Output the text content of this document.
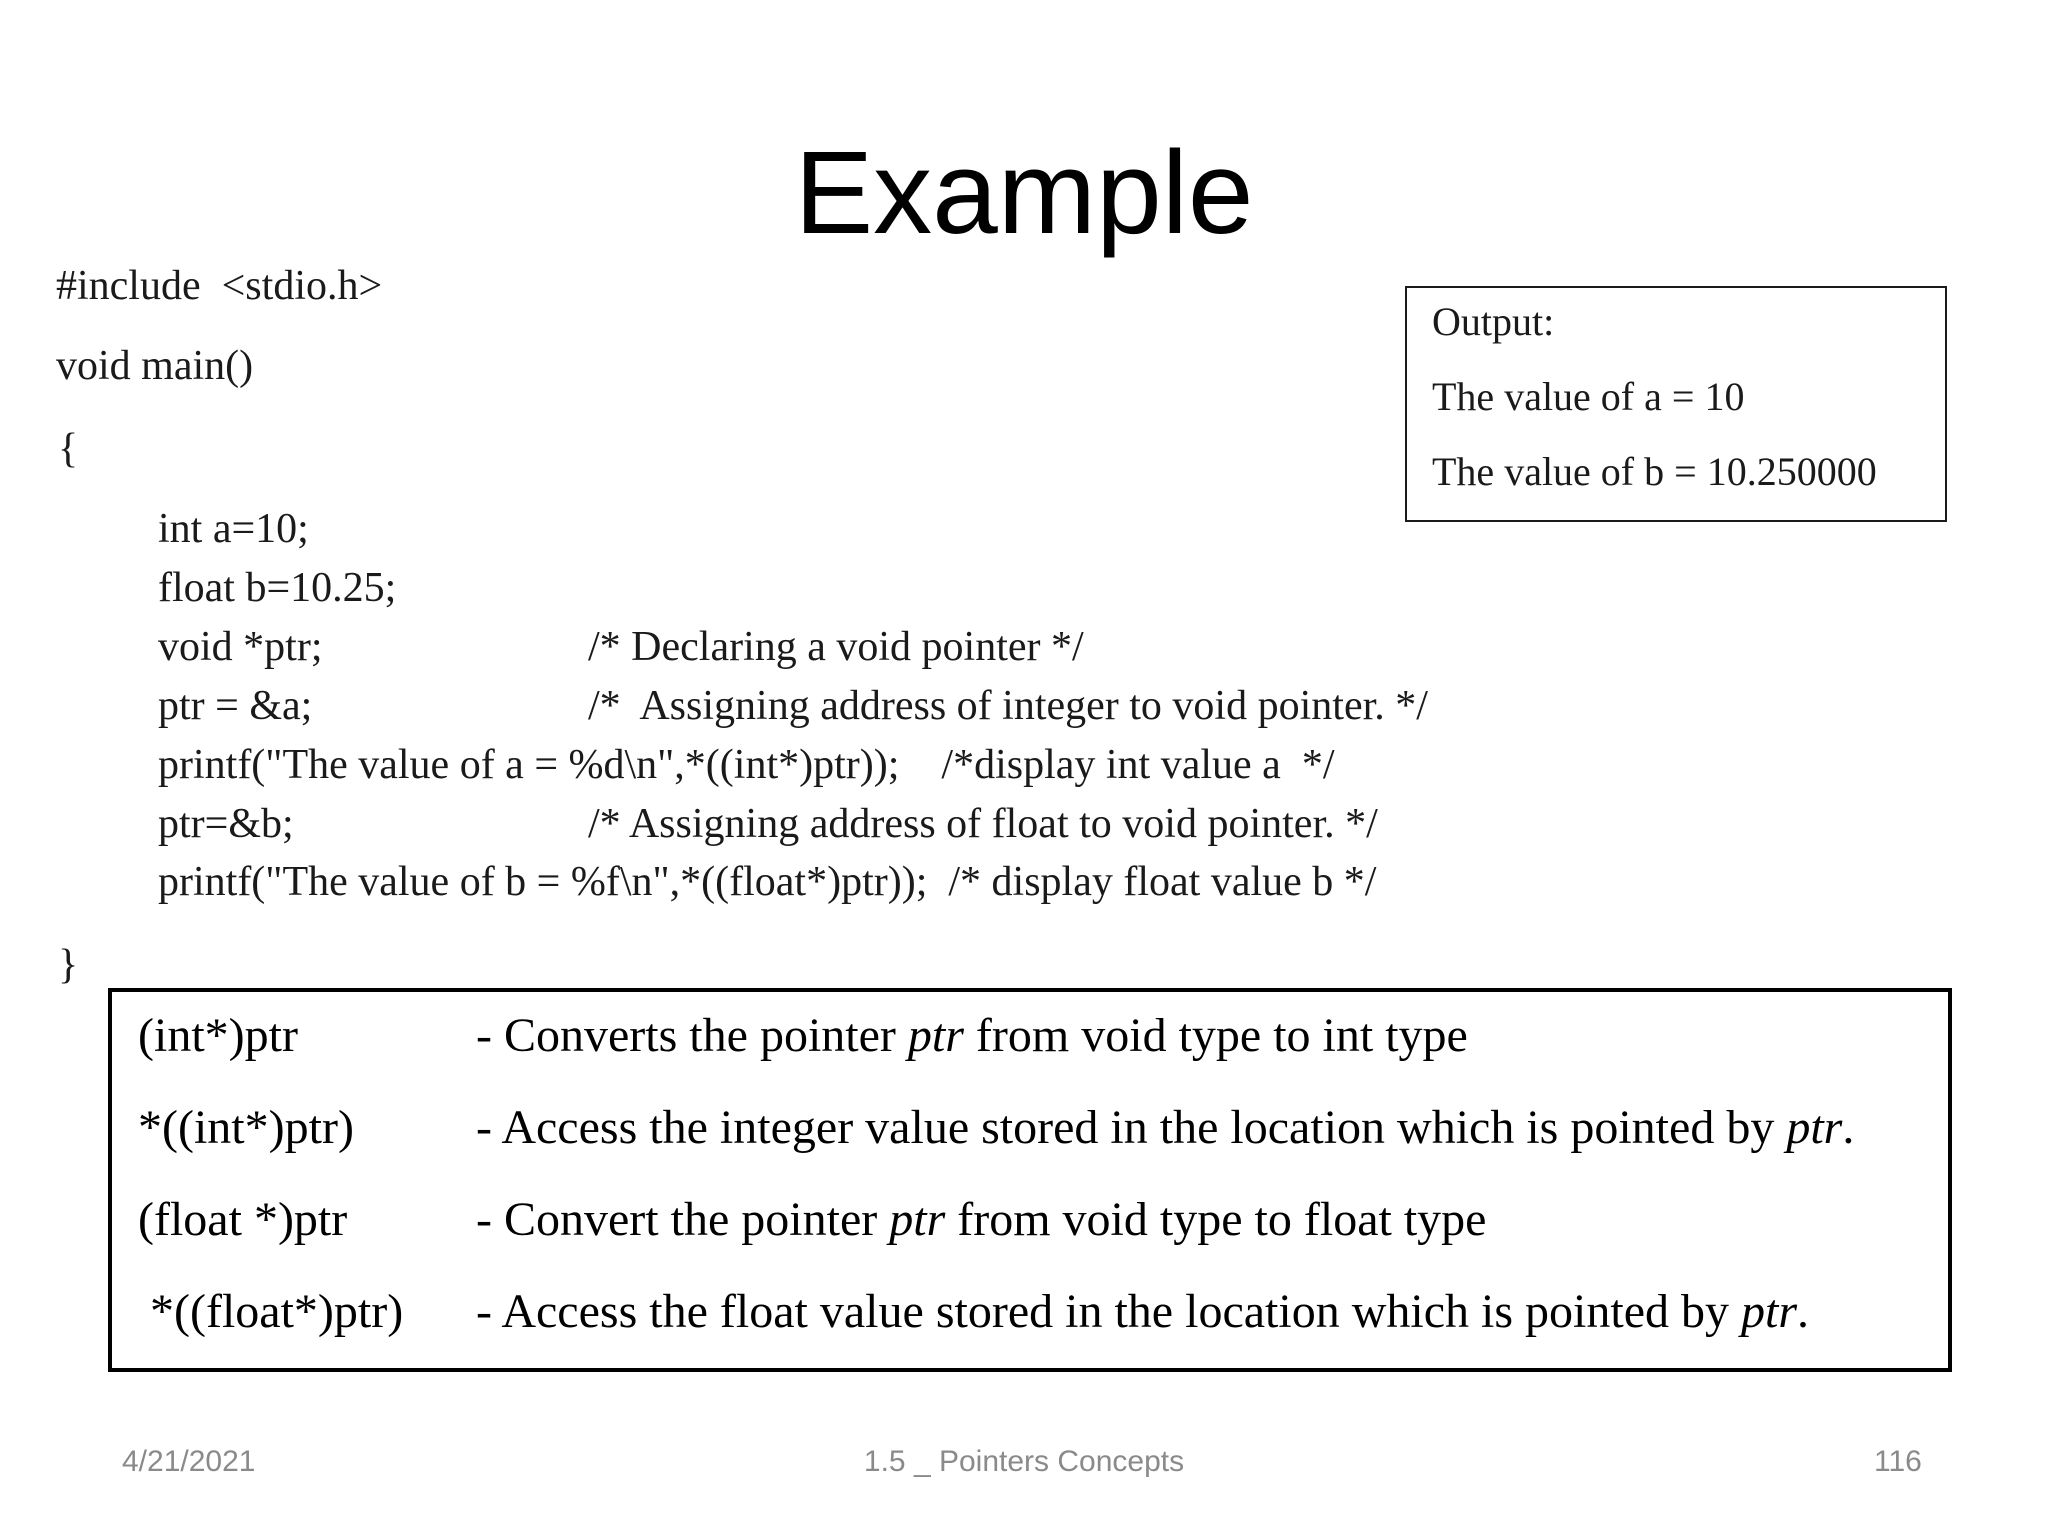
Example
#include  <stdio.h>
void main()
{
int a=10;
float b=10.25;
void *ptr;	/* Declaring a void pointer */
ptr = &a;	/*  Assigning address of integer to void pointer. */
printf("The value of a = %d\n",*((int*)ptr));    /*display int value a  */
ptr=&b;	/* Assigning address of float to void pointer. */
printf("The value of b = %f\n",*((float*)ptr));  /* display float value b */
}
Output:
The value of a = 10
The value of b = 10.250000
(int*)ptr	- Converts the pointer ptr from void type to int type
*((int*)ptr)	- Access the integer value stored in the location which is pointed by ptr.
(float *)ptr	- Convert the pointer ptr from void type to float type
*((float*)ptr) - Access the float value stored in the location which is pointed by ptr.
4/21/2021	1.5 _ Pointers Concepts	116
